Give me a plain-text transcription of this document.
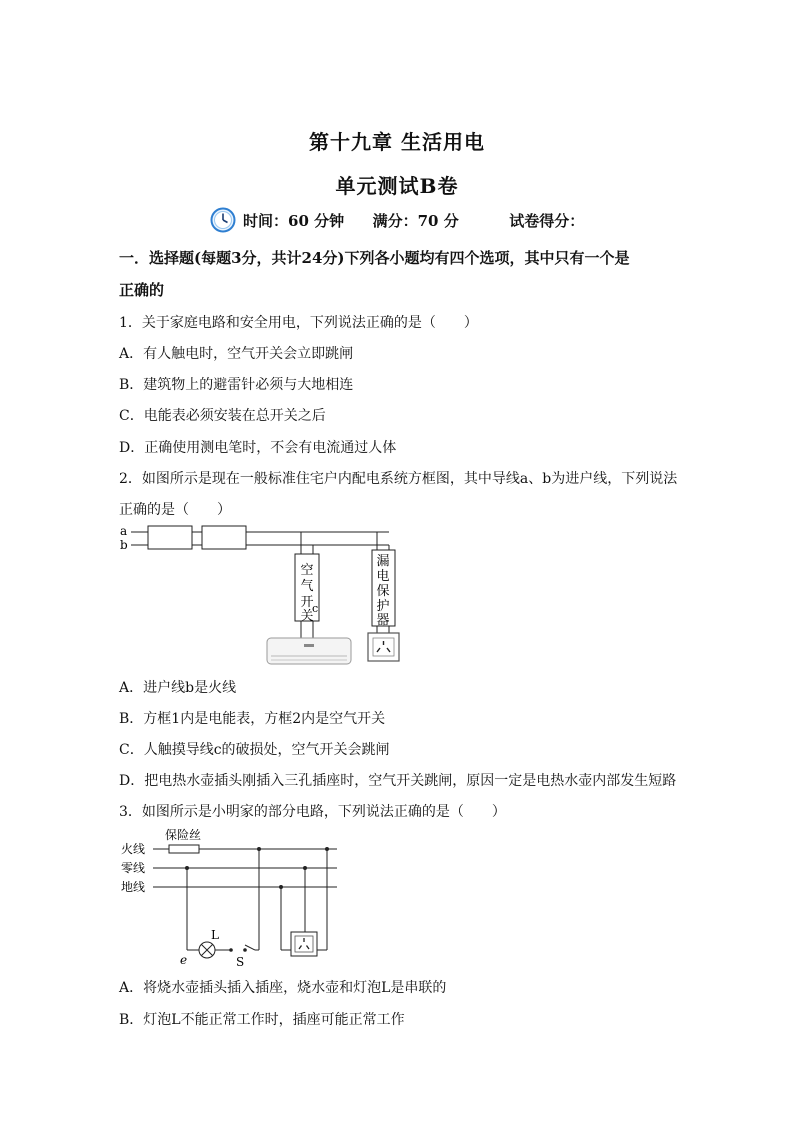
第十九章 生活用电
单元测试B卷
时间：60 分钟 满分：70 分	试卷得分：
一．选择题(每题3分，共计24分)下列各小题均有四个选项，其中只有一个是
正确的
1．关于家庭电路和安全用电，下列说法正确的是（　　）
A．有人触电时，空气开关会立即跳闸
B．建筑物上的避雷针必须与大地相连
C．电能表必须安装在总开关之后
D．正确使用测电笔时，不会有电流通过人体
2．如图所示是现在一般标准住宅户内配电系统方框图，其中导线a、b为进户线，下列说法
正确的是（　　）
a
b
c
空
气
开
关
漏
电
保
护
器
A．进户线b是火线
B．方框1内是电能表，方框2内是空气开关
C．人触摸导线c的破损处，空气开关会跳闸
D．把电热水壶插头刚插入三孔插座时，空气开关跳闸，原因一定是电热水壶内部发生短路
3．如图所示是小明家的部分电路，下列说法正确的是（　　）
保险丝
火线
零线
地线
L
S
e
A．将烧水壶插头插入插座，烧水壶和灯泡L是串联的
B．灯泡L不能正常工作时，插座可能正常工作
